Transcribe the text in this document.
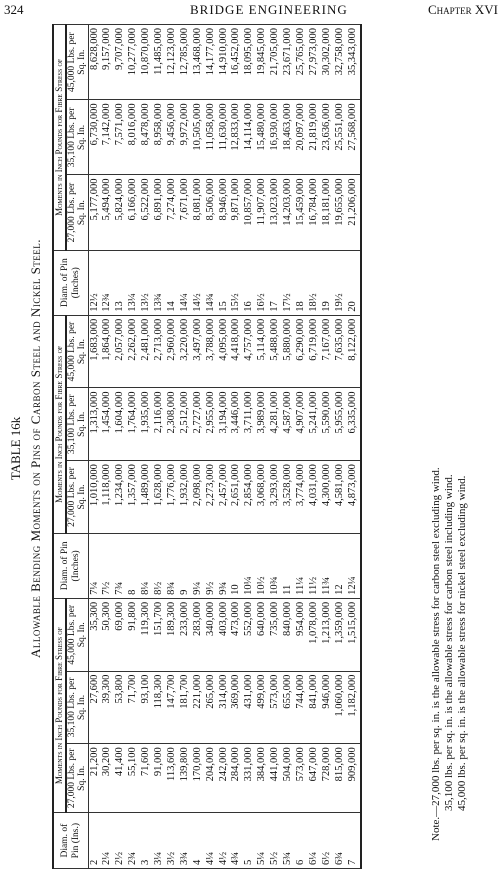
324	BRIDGE ENGINEERING	Chapter XVI
TABLE 16k Allowable Bending Moments on Pins of Carbon Steel and Nickel Steel.
Diam. of Pin (Ins.)	Moments in Inch Pounds for Fibre Stress of			Diam. of Pin (Inches)	Moments in Inch Pounds for Fibre Stress of			Diam. of Pin (Inches)	Moments in Inch Pounds for Fibre Stress of		
	27,000 Lbs. per Sq. In.	35,100 Lbs. per Sq. In.	45,000 Lbs. per Sq. In.		27,000 Lbs. per Sq. In.	35,100 Lbs. per Sq. In.	45,000 Lbs. per Sq. In.		27,000 Lbs. per Sq. In.	35,100 Lbs. per Sq. In.	45,000 Lbs. per Sq. In.
2	21,200	27,600	35,300	7¼	1,010,000	1,313,000	1,683,000	12½	5,177,000	6,730,000	8,628,000
2¼	30,200	39,300	50,300	7½	1,118,000	1,454,000	1,864,000	12¾	5,494,000	7,142,000	9,157,000
2½	41,400	53,800	69,000	7¾	1,234,000	1,604,000	2,057,000	13	5,824,000	7,571,000	9,707,000
2¾	55,100	71,700	91,800	8	1,357,000	1,764,000	2,262,000	13¼	6,166,000	8,016,000	10,277,000
3	71,600	93,100	119,300	8¼	1,489,000	1,935,000	2,481,000	13½	6,522,000	8,478,000	10,870,000
3¼	91,000	118,300	151,700	8½	1,628,000	2,116,000	2,713,000	13¾	6,891,000	8,958,000	11,485,000
3½	113,600	147,700	189,300	8¾	1,776,000	2,308,000	2,960,000	14	7,274,000	9,456,000	12,123,000
3¾	139,800	181,700	233,000	9	1,932,000	2,512,000	3,220,000	14¼	7,671,000	9,972,000	12,785,000
4	170,000	221,000	283,000	9¼	2,098,000	2,727,000	3,497,000	14½	8,081,000	10,505,000	13,468,000
4¼	204,000	265,000	340,000	9½	2,273,000	2,955,000	3,788,000	14¾	8,506,000	11,058,000	14,177,000
4½	242,000	314,000	403,000	9¾	2,457,000	3,194,000	4,095,000	15	8,946,000	11,630,000	14,910,000
4¾	284,000	369,000	473,000	10	2,651,000	3,446,000	4,418,000	15½	9,871,000	12,833,000	16,452,000
5	331,000	431,000	552,000	10¼	2,854,000	3,711,000	4,757,000	16	10,857,000	14,114,000	18,095,000
5¼	384,000	499,000	640,000	10½	3,068,000	3,989,000	5,114,000	16½	11,907,000	15,480,000	19,845,000
5½	441,000	573,000	735,000	10¾	3,293,000	4,281,000	5,488,000	17	13,023,000	16,930,000	21,705,000
5¾	504,000	655,000	840,000	11	3,528,000	4,587,000	5,880,000	17½	14,203,000	18,463,000	23,671,000
6	573,000	744,000	954,000	11¼	3,774,000	4,907,000	6,290,000	18	15,459,000	20,097,000	25,765,000
6¼	647,000	841,000	1,078,000	11½	4,031,000	5,241,000	6,719,000	18½	16,784,000	21,819,000	27,973,000
6½	728,000	946,000	1,213,000	11¾	4,300,000	5,590,000	7,167,000	19	18,181,000	23,636,000	30,302,000
6¾	815,000	1,060,000	1,359,000	12	4,581,000	5,955,000	7,635,000	19½	19,655,000	25,551,000	32,758,000
7	909,000	1,182,000	1,515,000	12¼	4,873,000	6,335,000	8,122,000	20	21,206,000	27,568,000	35,343,000
Note.—27,000 lbs. per sq. in. is the allowable stress for carbon steel excluding wind. 35,100 lbs. per sq. in. is the allowable stress for carbon steel including wind. 45,000 lbs. per sq. in. is the allowable stress for nickel steel excluding wind.
